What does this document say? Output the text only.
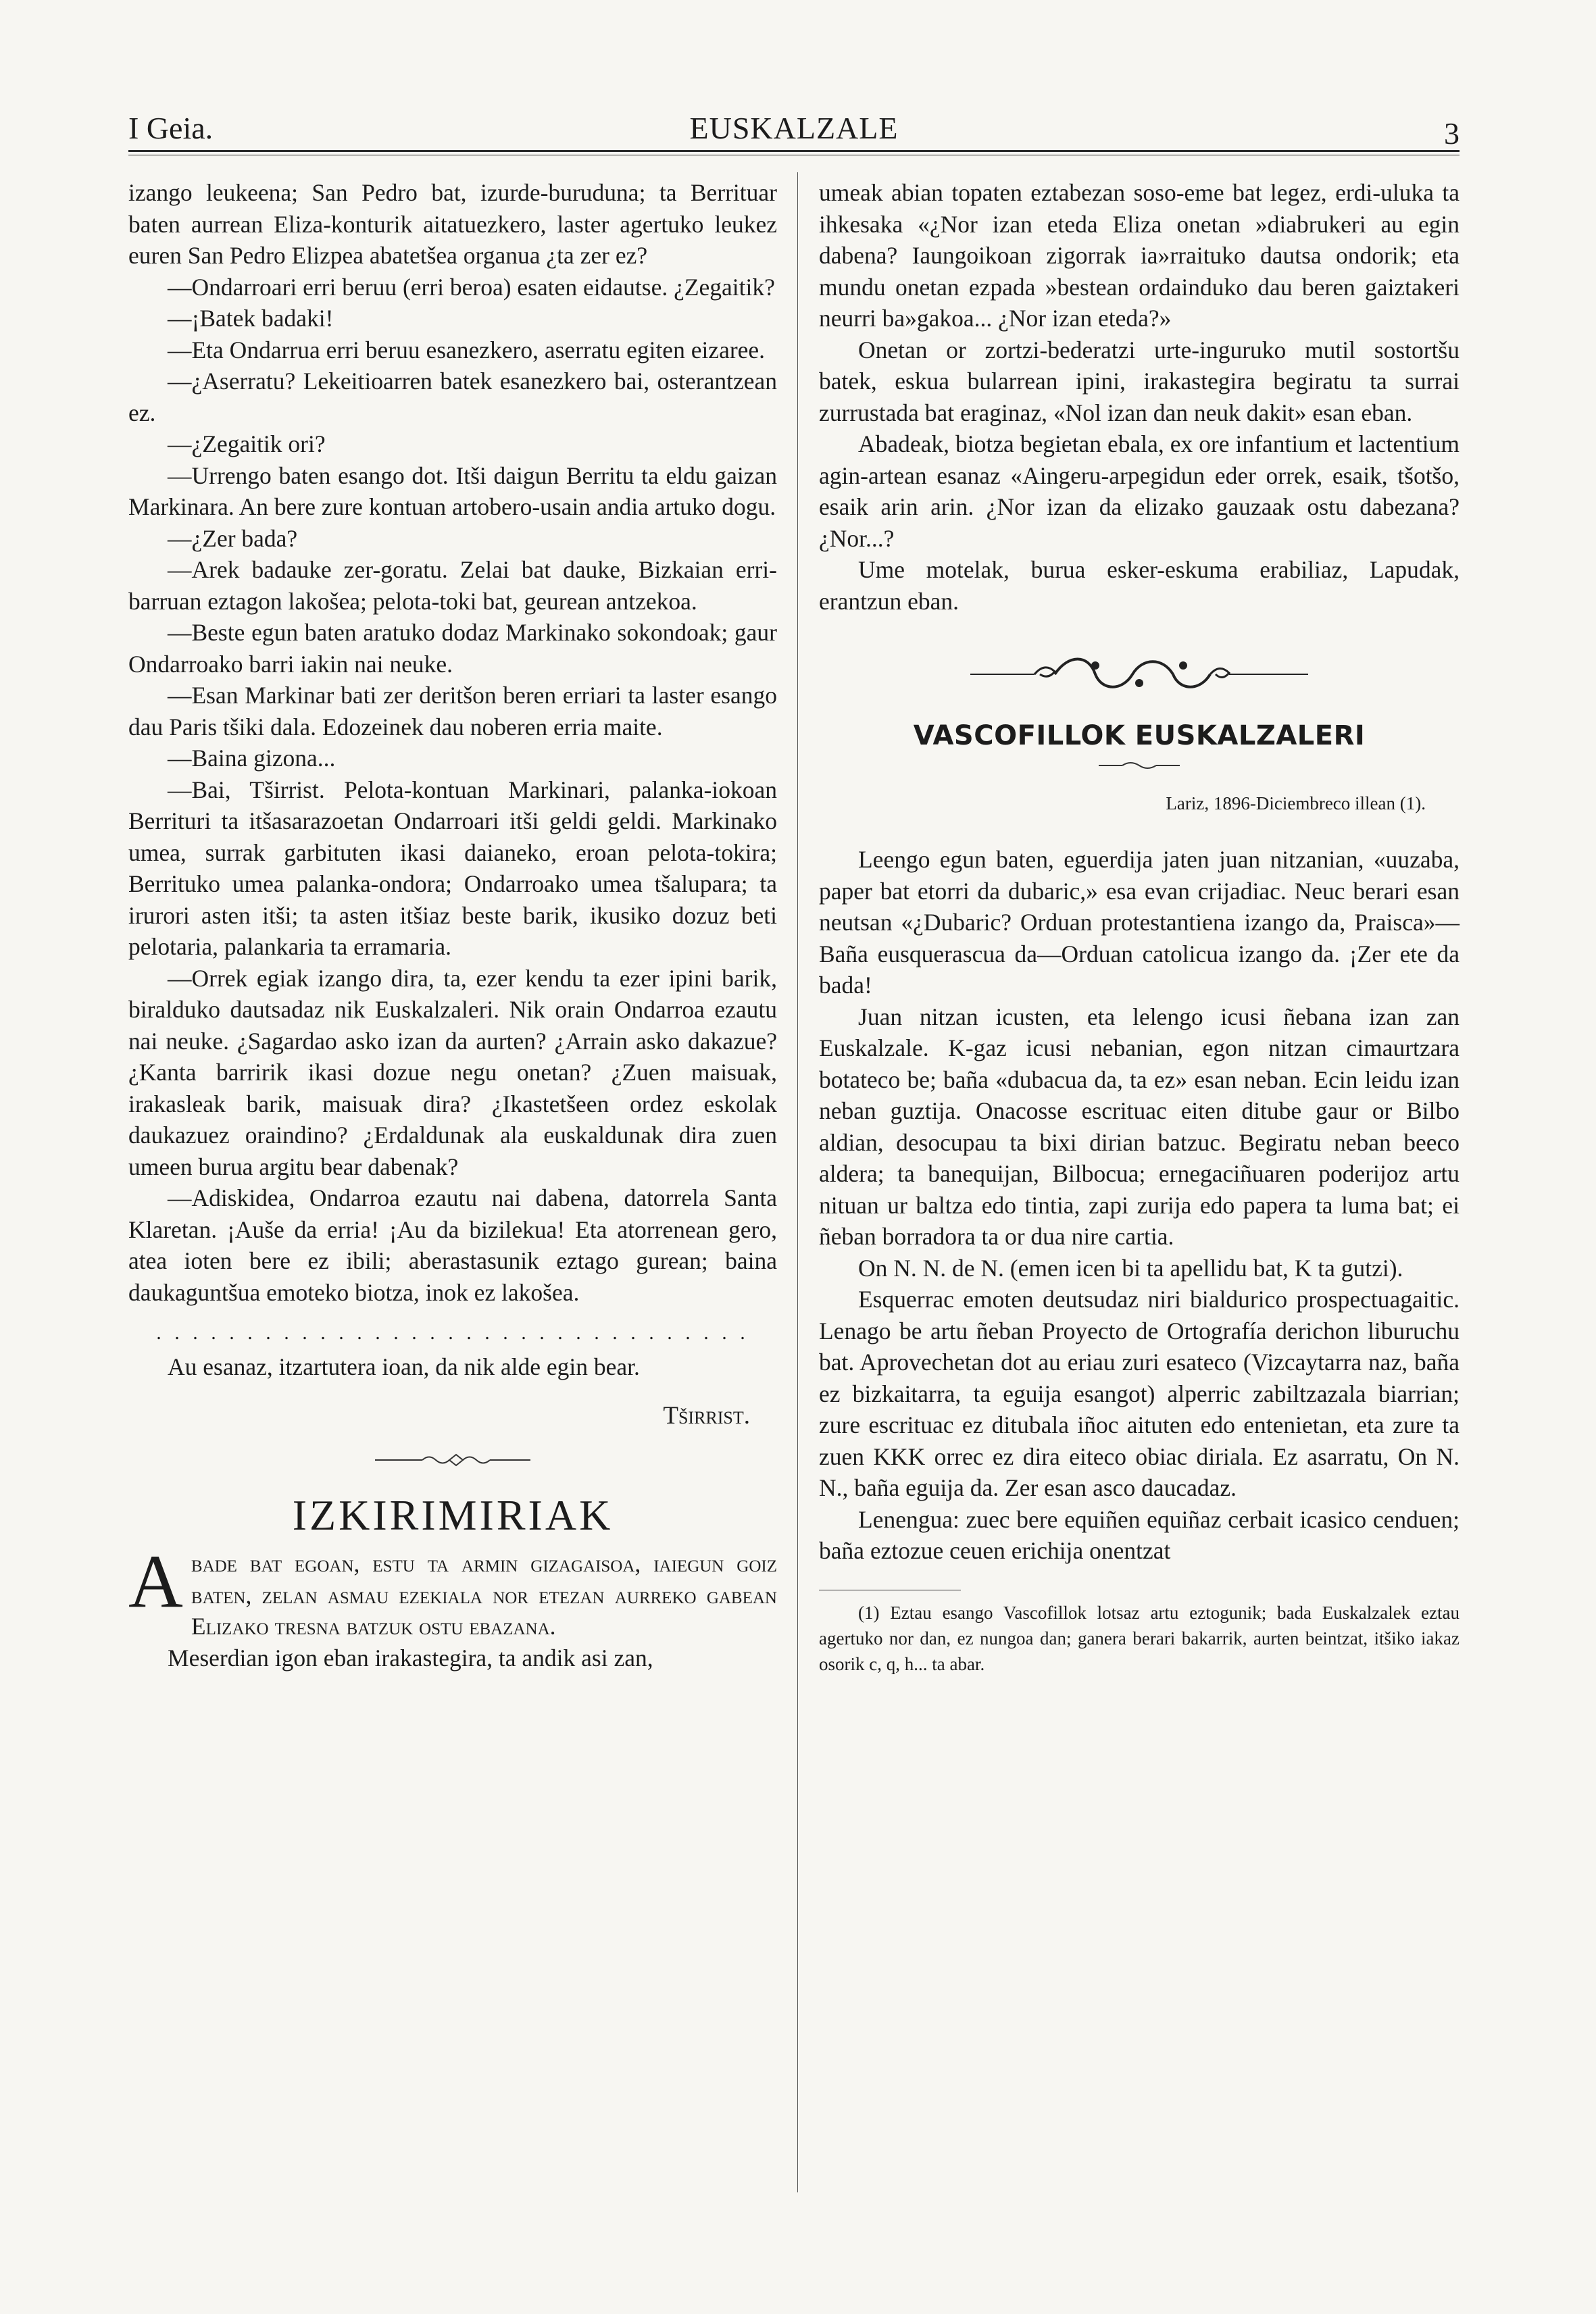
I Geia.	EUSKALZALE	3

izango leukeena; San Pedro bat, izurde-buruduna; ta Berrituar baten aurrean Eliza-konturik aitatuezkero, laster agertuko leukez euren San Pedro Elizpea abatetšea organua ¿ta zer ez?

—Ondarroari erri beruu (erri beroa) esaten eidautse. ¿Zegaitik?

—¡Batek badaki!

—Eta Ondarrua erri beruu esanezkero, aserratu egiten eizaree.

—¿Aserratu? Lekeitioarren batek esanezkero bai, osterantzean ez.

—¿Zegaitik ori?

—Urrengo baten esango dot. Itši daigun Berritu ta eldu gaizan Markinara. An bere zure kontuan artobero-usain andia artuko dogu.

—¿Zer bada?

—Arek badauke zer-goratu. Zelai bat dauke, Bizkaian erri-barruan eztagon lakošea; pelota-toki bat, geurean antzekoa.

—Beste egun baten aratuko dodaz Markinako sokondoak; gaur Ondarroako barri iakin nai neuke.

—Esan Markinar bati zer deritšon beren erriari ta laster esango dau Paris tšiki dala. Edozeinek dau noberen erria maite.

—Baina gizona...

—Bai, Tširrist. Pelota-kontuan Markinari, palanka-iokoan Berrituri ta itšasarazoetan Ondarroari itši geldi geldi. Markinako umea, surrak garbituten ikasi daianeko, eroan pelota-tokira; Berrituko umea palanka-ondora; Ondarroako umea tšalupara; ta irurori asten itši; ta asten itšiaz beste barik, ikusiko dozuz beti pelotaria, palankaria ta erramaria.

—Orrek egiak izango dira, ta, ezer kendu ta ezer ipini barik, biralduko dautsadaz nik Euskalzaleri. Nik orain Ondarroa ezautu nai neuke. ¿Sagardao asko izan da aurten? ¿Arrain asko dakazue? ¿Kanta barririk ikasi dozue negu onetan? ¿Zuen maisuak, irakasleak barik, maisuak dira? ¿Ikastetšeen ordez eskolak daukazuez oraindino? ¿Erdaldunak ala euskaldunak dira zuen umeen burua argitu bear dabenak?

—Adiskidea, Ondarroa ezautu nai dabena, datorrela Santa Klaretan. ¡Auše da erria! ¡Au da bizilekua! Eta atorrenean gero, atea ioten bere ez ibili; aberastasunik eztago gurean; baina daukaguntšua emoteko biotza, inok ez lakošea.

. . . . . . . . . . . . . . . . . . . . . . . . . . . . . . . . .

Au esanaz, itzartutera ioan, da nik alde egin bear.

Tširrist.
IZKIRIMIRIAK

Abade bat egoan, estu ta armin gizagaisoa, iaiegun goiz baten, zelan asmau ezekiala nor etezan aurreko gabean Elizako tresna batzuk ostu ebazana.

Meserdian igon eban irakastegira, ta andik asi zan,

umeak abian topaten eztabezan soso-eme bat legez, erdi-uluka ta ihkesaka «¿Nor izan eteda Eliza onetan »diabrukeri au egin dabena? Iaungoikoan zigorrak ia»rraituko dautsa ondorik; eta mundu onetan ezpada »bestean ordainduko dau beren gaiztakeri neurri ba»gakoa... ¿Nor izan eteda?»

Onetan or zortzi-bederatzi urte-inguruko mutil sostortšu batek, eskua bularrean ipini, irakastegira begiratu ta surrai zurrustada bat eraginaz, «Nol izan dan neuk dakit» esan eban.

Abadeak, biotza begietan ebala, ex ore infantium et lactentium agin-artean esanaz «Aingeru-arpegidun eder orrek, esaik, tšotšo, esaik arin arin. ¿Nor izan da elizako gauzaak ostu dabezana? ¿Nor...?

Ume motelak, burua esker-eskuma erabiliaz, Lapudak, erantzun eban.

VASCOFILLOK EUSKALZALERI
Lariz, 1896-Diciembreco illean (1).

Leengo egun baten, eguerdija jaten juan nitzanian, «uuzaba, paper bat etorri da dubaric,» esa evan crijadiac. Neuc berari esan neutsan «¿Dubaric? Orduan protestantiena izango da, Praisca»—Baña eusquerascua da—Orduan catolicua izango da. ¡Zer ete da bada!

Juan nitzan icusten, eta lelengo icusi ñebana izan zan Euskalzale. K-gaz icusi nebanian, egon nitzan cimaurtzara botateco be; baña «dubacua da, ta ez» esan neban. Ecin leidu izan neban guztija. Onacosse escrituac eiten ditube gaur or Bilbo aldian, desocupau ta bixi dirian batzuc. Begiratu neban beeco aldera; ta banequijan, Bilbocua; ernegaciñuaren poderijoz artu nituan ur baltza edo tintia, zapi zurija edo papera ta luma bat; ei ñeban borradora ta or dua nire cartia.

On N. N. de N. (emen icen bi ta apellidu bat, K ta gutzi).

Esquerrac emoten deutsudaz niri bialdurico prospectuagaitic. Lenago be artu ñeban Proyecto de Ortografía derichon liburuchu bat. Aprovechetan dot au eriau zuri esateco (Vizcaytarra naz, baña ez bizkaitarra, ta eguija esangot) alperric zabiltzazala biarrian; zure escrituac ez ditubala iñoc aituten edo entenietan, eta zure ta zuen KKK orrec ez dira eiteco obiac diriala. Ez asarratu, On N. N., baña eguija da. Zer esan asco daucadaz.

Lenengua: zuec bere equiñen equiñaz cerbait icasico cenduen; baña eztozue ceuen erichija onentzat

(1) Eztau esango Vascofillok lotsaz artu eztogunik; bada Euskalzalek eztau agertuko nor dan, ez nungoa dan; ganera berari bakarrik, aurten beintzat, itšiko iakaz osorik c, q, h... ta abar.
